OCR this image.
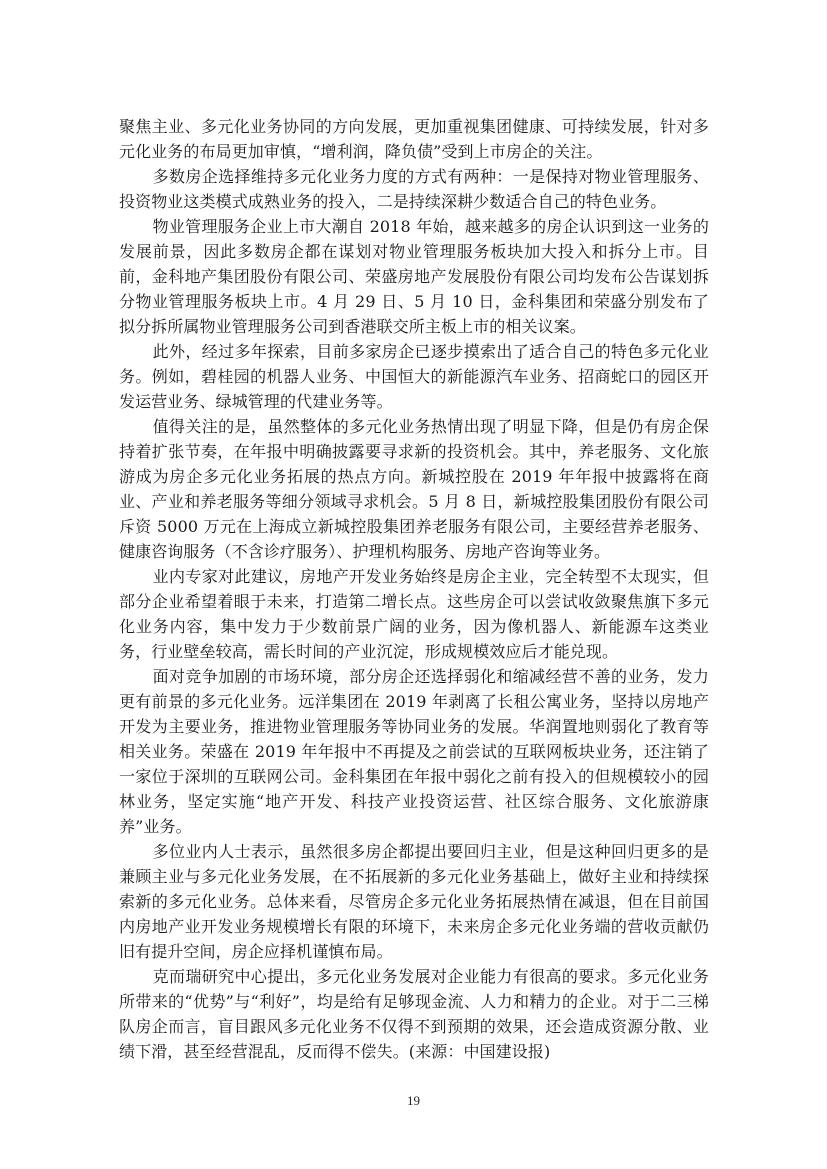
聚焦主业、多元化业务协同的方向发展，更加重视集团健康、可持续发展，针对多元化业务的布局更加审慎，“增利润，降负债”受到上市房企的关注。

多数房企选择维持多元化业务力度的方式有两种：一是保持对物业管理服务、投资物业这类模式成熟业务的投入，二是持续深耕少数适合自己的特色业务。

物业管理服务企业上市大潮自 2018 年始，越来越多的房企认识到这一业务的发展前景，因此多数房企都在谋划对物业管理服务板块加大投入和拆分上市。目前，金科地产集团股份有限公司、荣盛房地产发展股份有限公司均发布公告谋划拆分物业管理服务板块上市。4 月 29 日、5 月 10 日，金科集团和荣盛分别发布了拟分拆所属物业管理服务公司到香港联交所主板上市的相关议案。

此外，经过多年探索，目前多家房企已逐步摸索出了适合自己的特色多元化业务。例如，碧桂园的机器人业务、中国恒大的新能源汽车业务、招商蛇口的园区开发运营业务、绿城管理的代建业务等。

值得关注的是，虽然整体的多元化业务热情出现了明显下降，但是仍有房企保持着扩张节奏，在年报中明确披露要寻求新的投资机会。其中，养老服务、文化旅游成为房企多元化业务拓展的热点方向。新城控股在 2019 年年报中披露将在商业、产业和养老服务等细分领域寻求机会。5 月 8 日，新城控股集团股份有限公司斥资 5000 万元在上海成立新城控股集团养老服务有限公司，主要经营养老服务、健康咨询服务（不含诊疗服务）、护理机构服务、房地产咨询等业务。

业内专家对此建议，房地产开发业务始终是房企主业，完全转型不太现实，但部分企业希望着眼于未来，打造第二增长点。这些房企可以尝试收敛聚焦旗下多元化业务内容，集中发力于少数前景广阔的业务，因为像机器人、新能源车这类业务，行业壁垒较高，需长时间的产业沉淀，形成规模效应后才能兑现。

面对竞争加剧的市场环境，部分房企还选择弱化和缩减经营不善的业务，发力更有前景的多元化业务。远洋集团在 2019 年剥离了长租公寓业务，坚持以房地产开发为主要业务，推进物业管理服务等协同业务的发展。华润置地则弱化了教育等相关业务。荣盛在 2019 年年报中不再提及之前尝试的互联网板块业务，还注销了一家位于深圳的互联网公司。金科集团在年报中弱化之前有投入的但规模较小的园林业务，坚定实施“地产开发、科技产业投资运营、社区综合服务、文化旅游康养”业务。

多位业内人士表示，虽然很多房企都提出要回归主业，但是这种回归更多的是兼顾主业与多元化业务发展，在不拓展新的多元化业务基础上，做好主业和持续探索新的多元化业务。总体来看，尽管房企多元化业务拓展热情在减退，但在目前国内房地产业开发业务规模增长有限的环境下，未来房企多元化业务端的营收贡献仍旧有提升空间，房企应择机谨慎布局。

克而瑞研究中心提出，多元化业务发展对企业能力有很高的要求。多元化业务所带来的“优势”与“利好”，均是给有足够现金流、人力和精力的企业。对于二三梯队房企而言，盲目跟风多元化业务不仅得不到预期的效果，还会造成资源分散、业绩下滑，甚至经营混乱，反而得不偿失。(来源：中国建设报)

19
